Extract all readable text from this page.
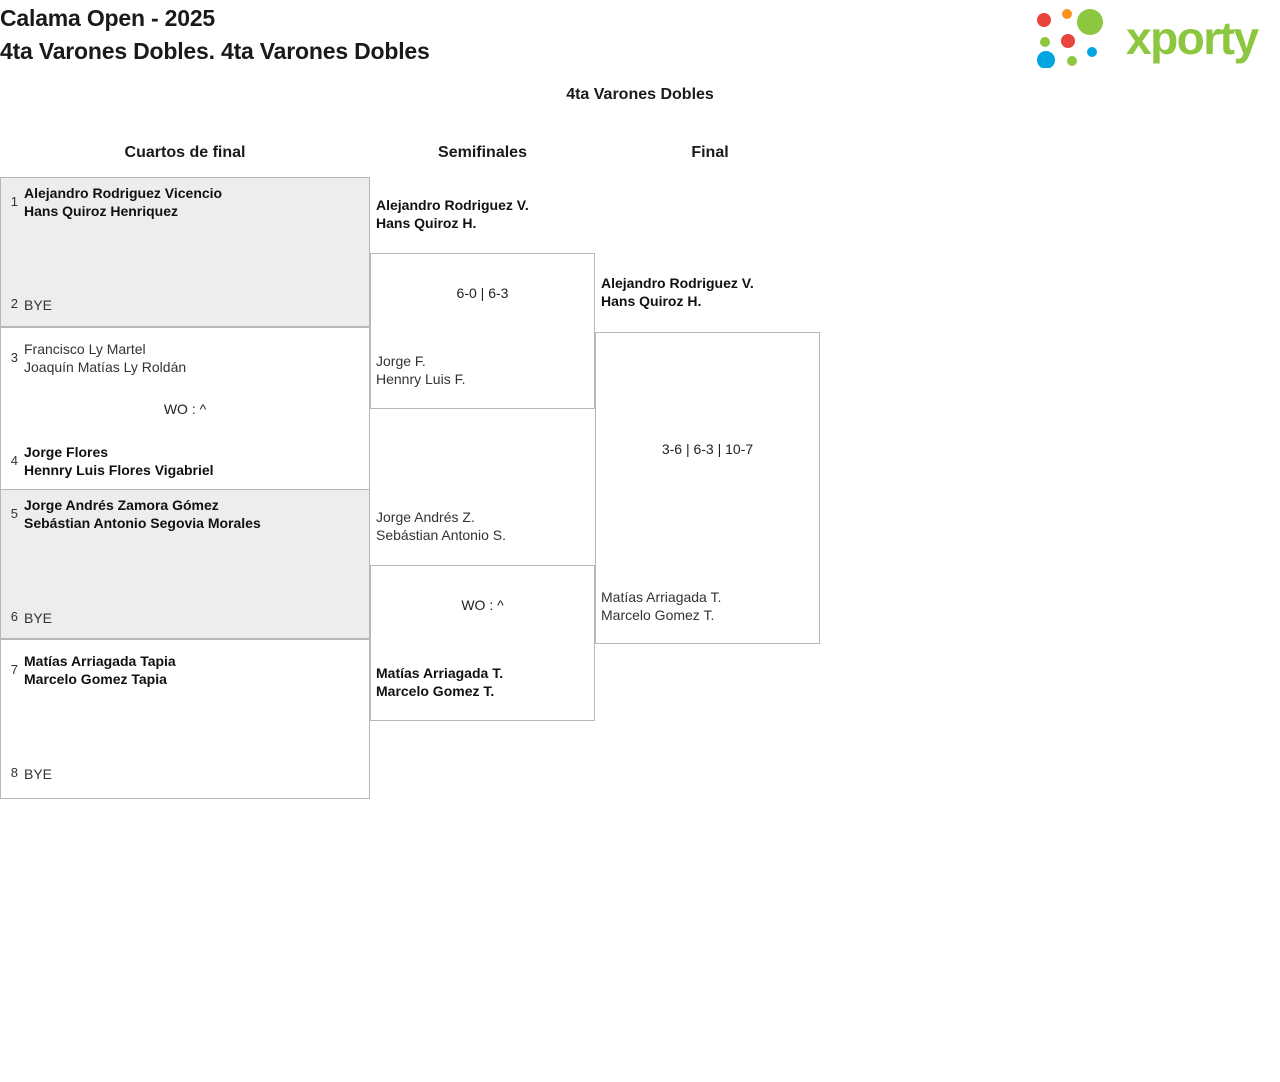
Calama Open - 2025
4ta Varones Dobles. 4ta Varones Dobles	xporty
4ta Varones Dobles
Cuartos de final	Semifinales	Final
1
Alejandro Rodriguez Vicencio
Hans Quiroz Henriquez
2 BYE
3
Francisco Ly Martel
Joaquín Matías Ly Roldán
WO : ^
4
Jorge Flores
Hennry Luis Flores Vigabriel
5
Jorge Andrés Zamora Gómez
Sebástian Antonio Segovia Morales
6 BYE
7
Matías Arriagada Tapia
Marcelo Gomez Tapia
8 BYE
Alejandro Rodriguez V.
Hans Quiroz H.
6-0 | 6-3
Jorge F.
Hennry Luis F.
Jorge Andrés Z.
Sebástian Antonio S.
WO : ^
Matías Arriagada T.
Marcelo Gomez T.
Alejandro Rodriguez V.
Hans Quiroz H.
3-6 | 6-3 | 10-7
Matías Arriagada T.
Marcelo Gomez T.
